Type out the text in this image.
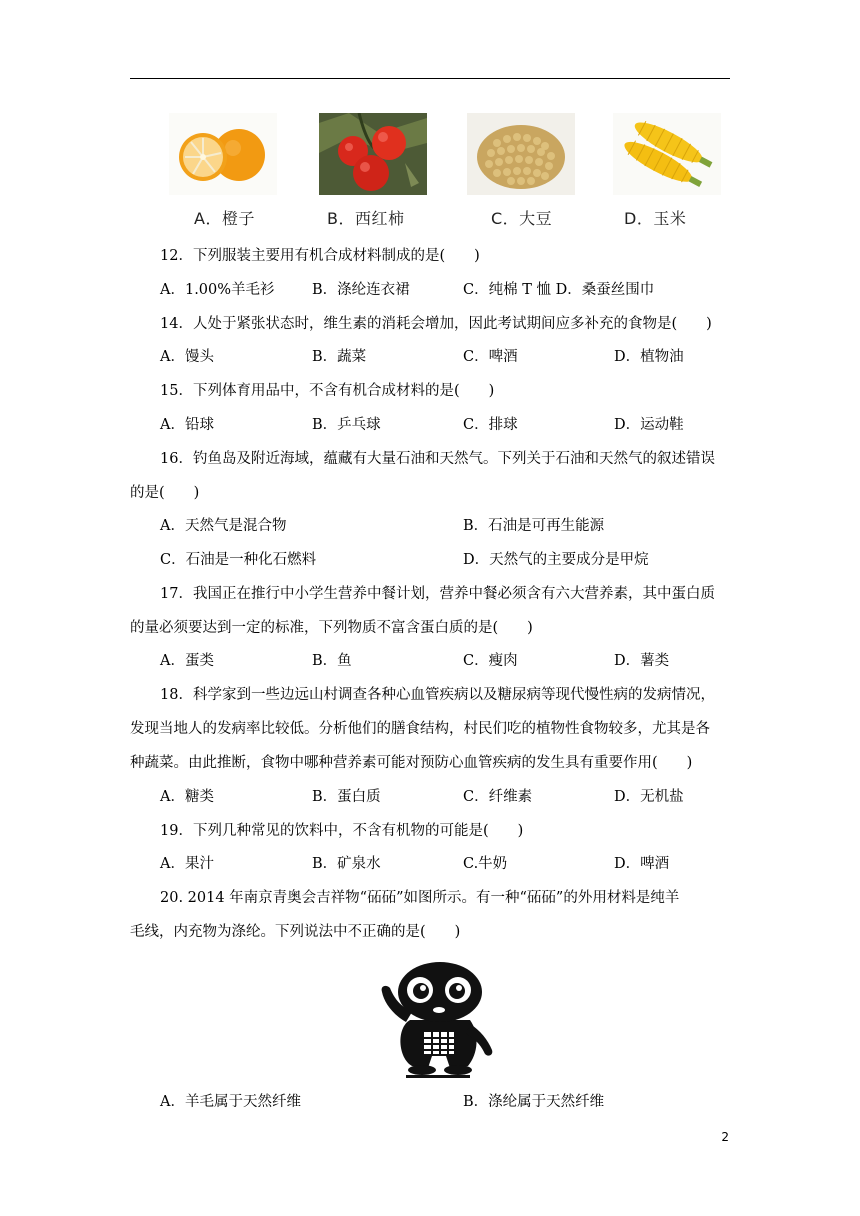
A．橙子	B．西红柿	C．大豆	D．玉米
12．下列服装主要用有机合成材料制成的是(　　)
A．1.00%羊毛衫	B．涤纶连衣裙	C．纯棉 T 恤 D．桑蚕丝围巾
14．人处于紧张状态时，维生素的消耗会增加，因此考试期间应多补充的食物是(　　)
A．馒头	B．蔬菜	C．啤酒	D．植物油
15．下列体育用品中，不含有机合成材料的是(　　)
A．铅球	B．乒乓球	C．排球	D．运动鞋
16．钓鱼岛及附近海域，蕴藏有大量石油和天然气。下列关于石油和天然气的叙述错误
的是(　　)
A．天然气是混合物	B．石油是可再生能源
C．石油是一种化石燃料	D．天然气的主要成分是甲烷
17．我国正在推行中小学生营养中餐计划，营养中餐必须含有六大营养素，其中蛋白质
的量必须要达到一定的标准，下列物质不富含蛋白质的是(　　)
A．蛋类	B．鱼	C．瘦肉	D．薯类
18．科学家到一些边远山村调查各种心血管疾病以及糖尿病等现代慢性病的发病情况，
发现当地人的发病率比较低。分析他们的膳食结构，村民们吃的植物性食物较多，尤其是各
种蔬菜。由此推断，食物中哪种营养素可能对预防心血管疾病的发生具有重要作用(　　)
A．糖类	B．蛋白质	C．纤维素	D．无机盐
19．下列几种常见的饮料中，不含有机物的可能是(　　)
A．果汁	B．矿泉水	C.牛奶	D．啤酒
20. 2014 年南京青奥会吉祥物“砳砳”如图所示。有一种“砳砳”的外用材料是纯羊
毛线，内充物为涤纶。下列说法中不正确的是(　　)
A．羊毛属于天然纤维	B．涤纶属于天然纤维
2
